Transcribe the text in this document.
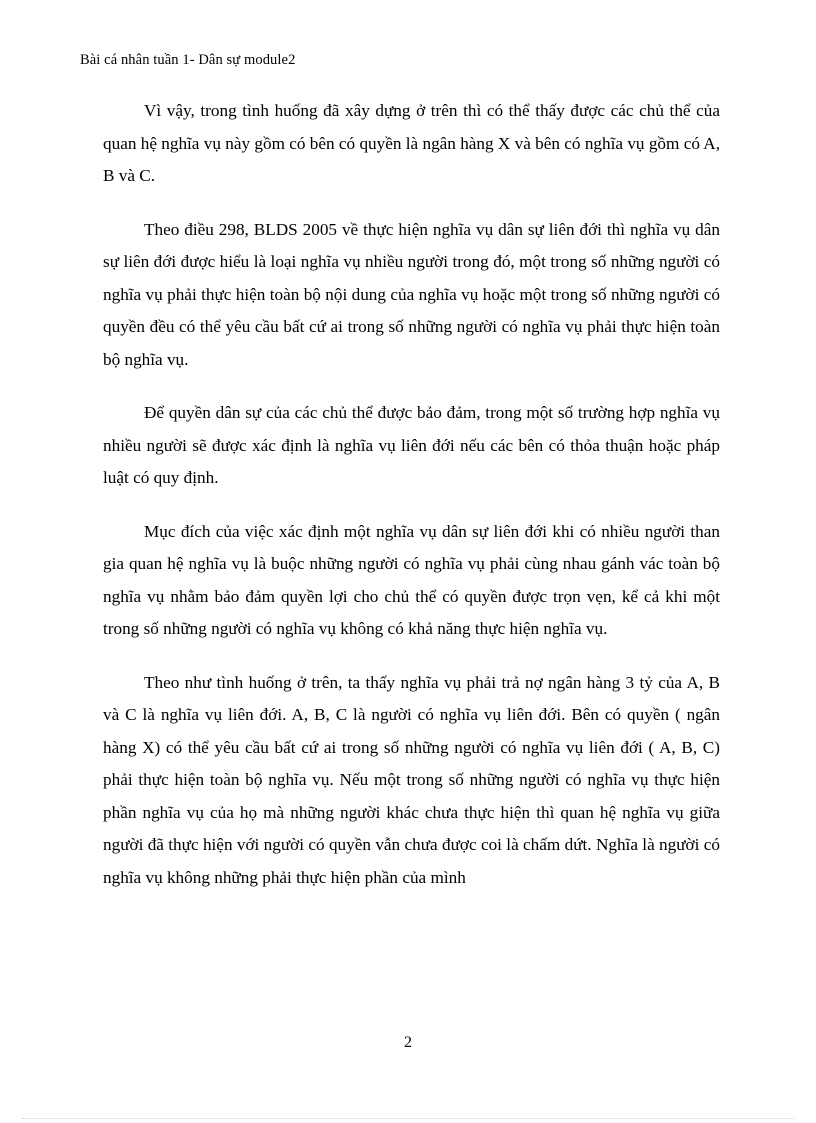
Bài cá nhân tuần 1- Dân sự module2

Vì vậy, trong tình huống đã xây dựng ở trên thì có thể thấy được các chủ thể của quan hệ nghĩa vụ này gồm có bên có quyền là ngân hàng X và bên có nghĩa vụ gồm có A, B và C.

Theo điều 298, BLDS 2005 về thực hiện nghĩa vụ dân sự liên đới thì nghĩa vụ dân sự liên đới được hiểu là loại nghĩa vụ nhiều người trong đó, một trong số những người có nghĩa vụ phải thực hiện toàn bộ nội dung của nghĩa vụ hoặc một trong số những người có quyền đều có thể yêu cầu bất cứ ai trong số những người có nghĩa vụ phải thực hiện toàn bộ nghĩa vụ.

Để quyền dân sự của các chủ thể được bảo đảm, trong một số trường hợp nghĩa vụ nhiều người sẽ được xác định là nghĩa vụ liên đới nếu các bên có thỏa thuận hoặc pháp luật có quy định.

Mục đích của việc xác định một nghĩa vụ dân sự liên đới khi có nhiều người than gia quan hệ nghĩa vụ là buộc những người có nghĩa vụ phải cùng nhau gánh vác toàn bộ nghĩa vụ nhằm bảo đảm quyền lợi cho chủ thể có quyền được trọn vẹn, kể cả khi một trong số những người có nghĩa vụ không có khả năng thực hiện nghĩa vụ.

Theo như tình huống ở trên, ta thấy nghĩa vụ phải trả nợ ngân hàng 3 tỷ của A, B và C là nghĩa vụ liên đới. A, B, C là người có nghĩa vụ liên đới. Bên có quyền ( ngân hàng X) có thể yêu cầu bất cứ ai trong số những người có nghĩa vụ liên đới ( A, B, C) phải thực hiện toàn bộ nghĩa vụ. Nếu một trong số những người có nghĩa vụ thực hiện phần nghĩa vụ của họ mà những người khác chưa thực hiện thì quan hệ nghĩa vụ giữa người đã thực hiện với người có quyền vẫn chưa được coi là chấm dứt. Nghĩa là người có nghĩa vụ không những phải thực hiện phần của mình

2
